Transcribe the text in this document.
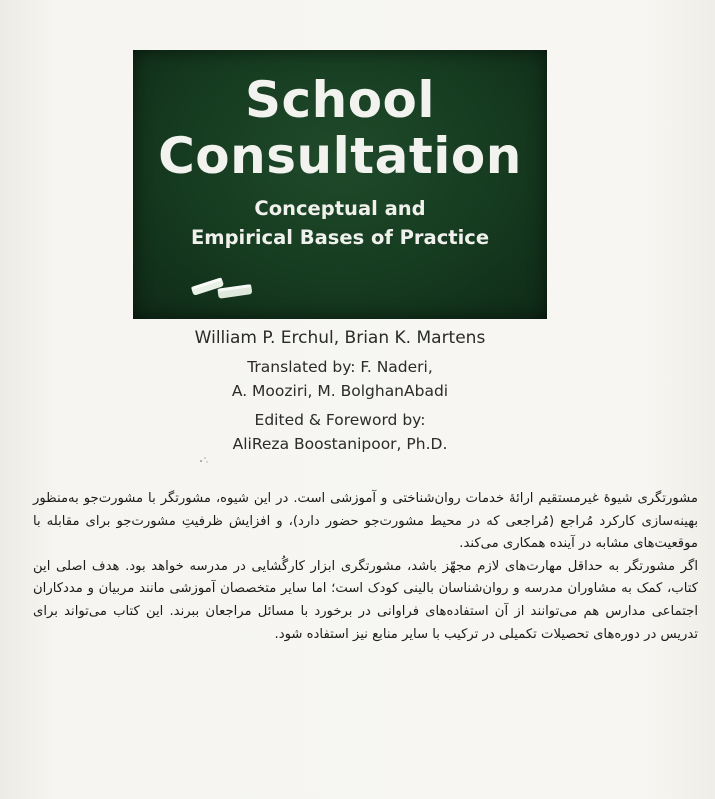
School
Consultation
Conceptual and
Empirical Bases of Practice
William P. Erchul, Brian K. Martens
Translated by: F. Naderi,
A. Mooziri, M. BolghanAbadi
Edited & Foreword by:
AliReza Boostanipoor, Ph.D.

مشورتگری شیوۀ غیرمستقیم ارائۀ خدمات روان‌شناختی و آموزشی است. در این شیوه، مشورتگر با مشورت‌جو به‌منظور بهینه‌سازی کارکرد مُراجع (مُراجعی که در محیط مشورت‌جو حضور دارد)، و افزایش ظرفیتِ مشورت‌جو برای مقابله با موقعیت‌های مشابه در آینده همکاری می‌کند.

اگر مشورتگر به حداقل مهارت‌های لازم مجهّز باشد، مشورتگری ابزار کارگُشایی در مدرسه خواهد بود. هدف اصلی این کتاب، کمک به مشاوران مدرسه و روان‌شناسان بالینی کودک است؛ اما سایر متخصصان آموزشی مانند مربیان و مددکاران اجتماعی مدارس هم می‌توانند از آن استفاده‌های فراوانی در برخورد با مسائل مراجعان ببرند. این کتاب می‌تواند برای تدریس در دوره‌های تحصیلات تکمیلی در ترکیب با سایر منابع نیز استفاده شود.
